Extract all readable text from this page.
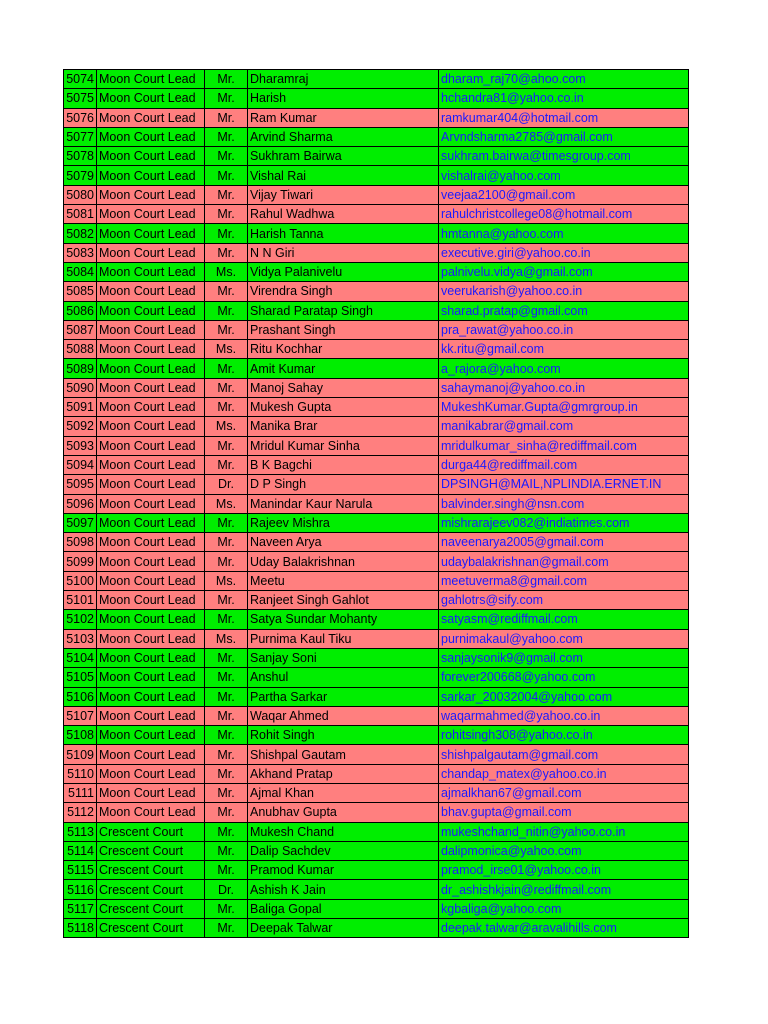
5074	Moon Court Lead	Mr.	Dharamraj	dharam_raj70@ahoo.com
5075	Moon Court Lead	Mr.	Harish	hchandra81@yahoo.co.in
5076	Moon Court Lead	Mr.	Ram Kumar	ramkumar404@hotmail.com
5077	Moon Court Lead	Mr.	Arvind Sharma	Arvndsharma2785@gmail.com
5078	Moon Court Lead	Mr.	Sukhram Bairwa	sukhram.bairwa@timesgroup.com
5079	Moon Court Lead	Mr.	Vishal Rai	vishalrai@yahoo.com
5080	Moon Court Lead	Mr.	Vijay Tiwari	veejaa2100@gmail.com
5081	Moon Court Lead	Mr.	Rahul Wadhwa	rahulchristcollege08@hotmail.com
5082	Moon Court Lead	Mr.	Harish Tanna	hmtanna@yahoo.com
5083	Moon Court Lead	Mr.	N N Giri	executive.giri@yahoo.co.in
5084	Moon Court Lead	Ms.	Vidya Palanivelu	palnivelu.vidya@gmail.com
5085	Moon Court Lead	Mr.	Virendra Singh	veerukarish@yahoo.co.in
5086	Moon Court Lead	Mr.	Sharad Paratap Singh	sharad.pratap@gmail.com
5087	Moon Court Lead	Mr.	Prashant Singh	pra_rawat@yahoo.co.in
5088	Moon Court Lead	Ms.	Ritu Kochhar	kk.ritu@gmail.com
5089	Moon Court Lead	Mr.	Amit Kumar	a_rajora@yahoo.com
5090	Moon Court Lead	Mr.	Manoj Sahay	sahaymanoj@yahoo.co.in
5091	Moon Court Lead	Mr.	Mukesh Gupta	MukeshKumar.Gupta@gmrgroup.in
5092	Moon Court Lead	Ms.	Manika Brar	manikabrar@gmail.com
5093	Moon Court Lead	Mr.	Mridul Kumar Sinha	mridulkumar_sinha@rediffmail.com
5094	Moon Court Lead	Mr.	B K Bagchi	durga44@rediffmail.com
5095	Moon Court Lead	Dr.	D P Singh	DPSINGH@MAIL,NPLINDIA.ERNET.IN
5096	Moon Court Lead	Ms.	Manindar Kaur Narula	balvinder.singh@nsn.com
5097	Moon Court Lead	Mr.	Rajeev Mishra	mishrarajeev082@indiatimes.com
5098	Moon Court Lead	Mr.	Naveen Arya	naveenarya2005@gmail.com
5099	Moon Court Lead	Mr.	Uday Balakrishnan	udaybalakrishnan@gmail.com
5100	Moon Court Lead	Ms.	Meetu	meetuverma8@gmail.com
5101	Moon Court Lead	Mr.	Ranjeet Singh Gahlot	gahlotrs@sify.com
5102	Moon Court Lead	Mr.	Satya Sundar Mohanty	satyasm@rediffmail.com
5103	Moon Court Lead	Ms.	Purnima Kaul Tiku	purnimakaul@yahoo.com
5104	Moon Court Lead	Mr.	Sanjay Soni	sanjaysonik9@gmail.com
5105	Moon Court Lead	Mr.	Anshul	forever200668@yahoo.com
5106	Moon Court Lead	Mr.	Partha Sarkar	sarkar_20032004@yahoo.com
5107	Moon Court Lead	Mr.	Waqar Ahmed	waqarmahmed@yahoo.co.in
5108	Moon Court Lead	Mr.	Rohit Singh	rohitsingh308@yahoo.co.in
5109	Moon Court Lead	Mr.	Shishpal Gautam	shishpalgautam@gmail.com
5110	Moon Court Lead	Mr.	Akhand Pratap	chandap_matex@yahoo.co.in
5111	Moon Court Lead	Mr.	Ajmal Khan	ajmalkhan67@gmail.com
5112	Moon Court Lead	Mr.	Anubhav Gupta	bhav.gupta@gmail.com
5113	Crescent Court	Mr.	Mukesh Chand	mukeshchand_nitin@yahoo.co.in
5114	Crescent Court	Mr.	Dalip Sachdev	dalipmonica@yahoo.com
5115	Crescent Court	Mr.	Pramod Kumar	pramod_irse01@yahoo.co.in
5116	Crescent Court	Dr.	Ashish K Jain	dr_ashishkjain@rediffmail.com
5117	Crescent Court	Mr.	Baliga Gopal	kgbaliga@yahoo.com
5118	Crescent Court	Mr.	Deepak Talwar	deepak.talwar@aravalihills.com
